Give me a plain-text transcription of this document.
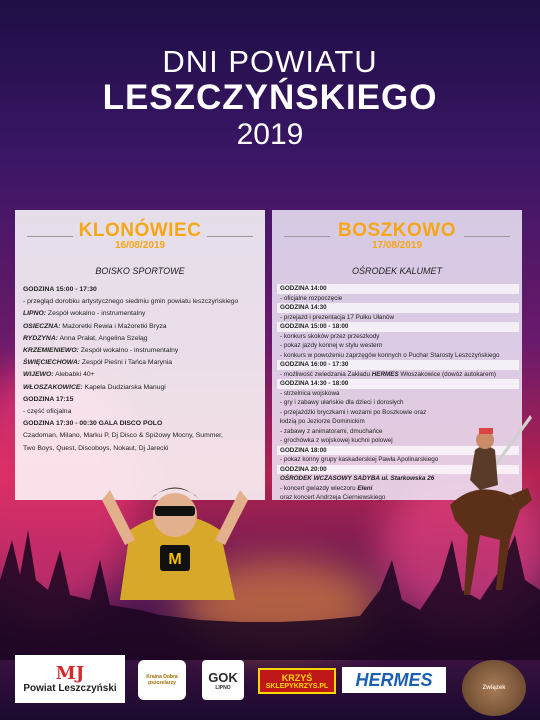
DNI POWIATU
LESZCZYŃSKIEGO
2019
KLONÓWIEC
16/08/2019
BOISKO SPORTOWE
GODZINA 15:00 - 17:30
- przegląd dorobku artystycznego siedmiu gmin powiatu leszczyńskiego
LIPNO: Zespół wokalno - instrumentalny
OSIECZNA: Mażoretki Rewia i Mażoretki Bryza
RYDZYNA: Anna Prałat, Angelina Szeląg
KRZEMIENIEWO: Zespół wokalno - instrumentalny
ŚWIĘCIECHOWA: Zespół Pieśni i Tańca Marynia
WIJEWO: Alebabki 40+
WŁOSZAKOWICE: Kapela Dudziarska Manugi
GODZINA 17:15
- część oficjalna
GODZINA 17:30 - 00:30 GALA DISCO POLO
Czadoman, Milano, Marku P, Dj Disco & Spiżowy Mocny, Summer,
Two Boys, Quest, Discoboys, Nokaut, Dj Jarecki
BOSZKOWO
17/08/2019
OŚRODEK KALUMET
GODZINA 14:00
- oficjalne rozpoczęcie
GODZINA 14:30
- przejazd i prezentacja 17 Pułku Ułanów
GODZINA 15:00 - 18:00
- konkurs skoków przez przeszkody
- pokaz jazdy konnej w stylu western
- konkurs w powożeniu zaprzęgów konnych o Puchar Starosty Leszczyńskiego
GODZINA 16:00 - 17:30
- możliwość zwiedzania Zakładu HERMES Włoszakowice (dowóz autokarem)
GODZINA 14:30 - 18:00
- strzelnica wojskowa
- gry i zabawy ułańskie dla dzieci i dorosłych
- przejażdżki bryczkami i wozami po Boszkowie oraz
łodzią po Jeziorze Dominickim
- zabawy z animatorami, dmuchańce
- grochówka z wojskowej kuchni polowej
GODZINA 18:00
- pokaz konny grupy kaskaderskiej Pawła Apolinarskiego
GODZINA 20:00
OŚRODEK WCZASOWY SADYBA ul. Starkowska 26
- koncert gwiazdy wieczoru Eleni
oraz koncert Andrzeja Cierniewskiego
M
MJ
Powiat Leszczyński
Kraina Dobra pszczelarzy	GOK
LIPNO
KRZYŚ
SKLEPYKRZYS.PL HERMES	Związek
